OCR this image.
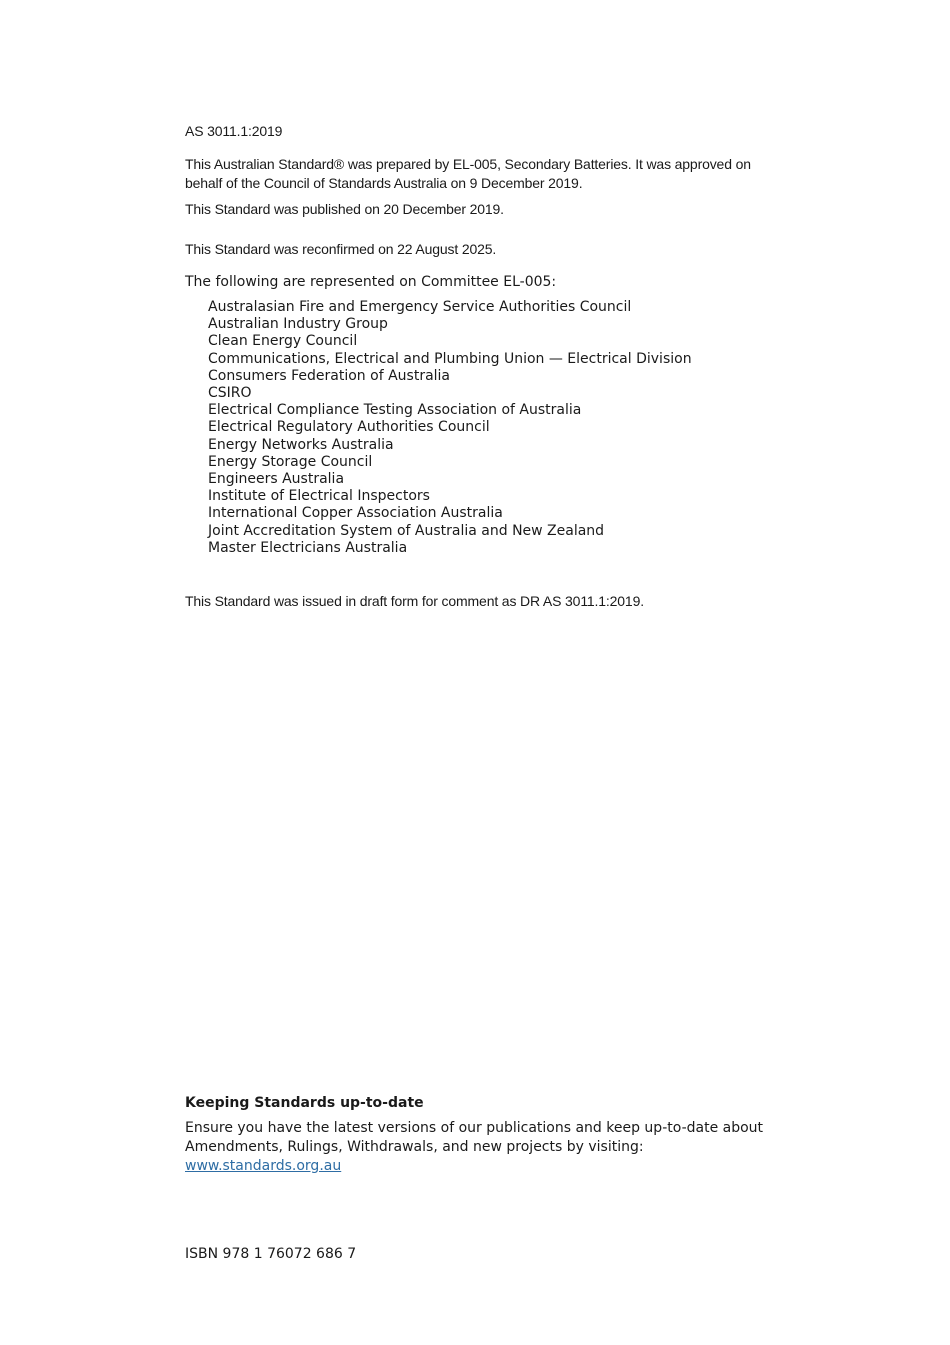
AS 3011.1:2019

This Australian Standard® was prepared by EL-005, Secondary Batteries. It was approved on behalf of the Council of Standards Australia on 9 December 2019.

This Standard was published on 20 December 2019.

This Standard was reconfirmed on 22 August 2025.

The following are represented on Committee EL-005:

Australasian Fire and Emergency Service Authorities Council
Australian Industry Group
Clean Energy Council
Communications, Electrical and Plumbing Union — Electrical Division
Consumers Federation of Australia
CSIRO
Electrical Compliance Testing Association of Australia
Electrical Regulatory Authorities Council
Energy Networks Australia
Energy Storage Council
Engineers Australia
Institute of Electrical Inspectors
International Copper Association Australia
Joint Accreditation System of Australia and New Zealand
Master Electricians Australia

This Standard was issued in draft form for comment as DR AS 3011.1:2019.

Keeping Standards up-to-date

Ensure you have the latest versions of our publications and keep up-to-date about Amendments, Rulings, Withdrawals, and new projects by visiting:
www.standards.org.au

ISBN 978 1 76072 686 7
